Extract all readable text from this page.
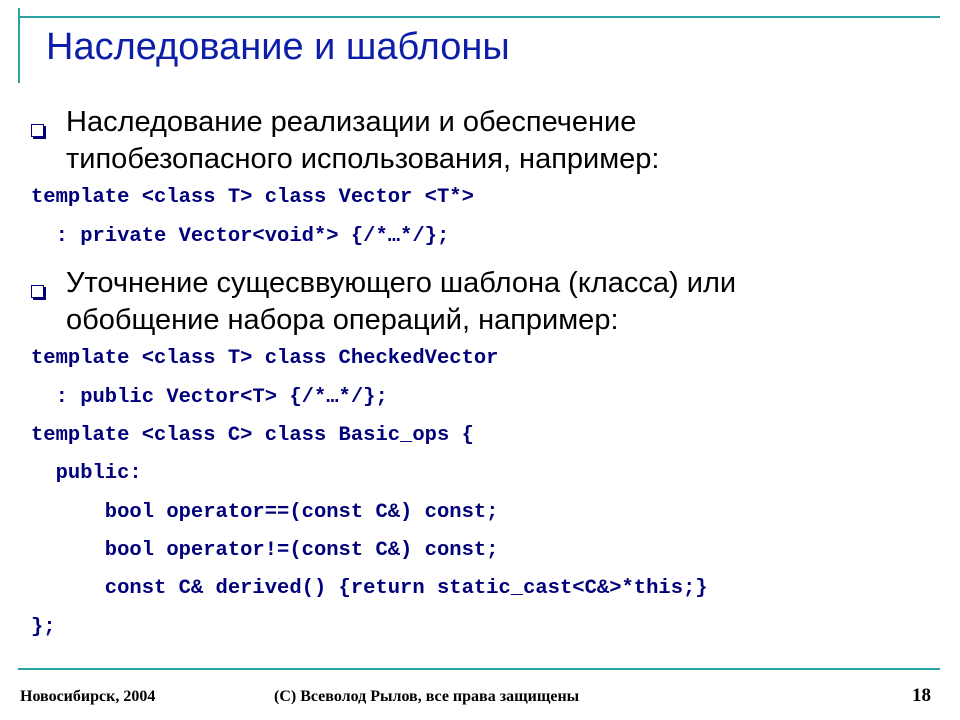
Наследование и шаблоны
Наследование реализации и обеспечение
типобезопасного использования, например:

template <class T> class Vector <T*>

: private Vector<void*> {/*…*/};

Уточнение сущесввующего шаблона (класса) или
обобщение набора операций, например:

template <class T> class CheckedVector

: public Vector<T> {/*…*/};

template <class C> class Basic_ops {

public:

bool operator==(const C&) const;

bool operator!=(const C&) const;

const C& derived() {return static_cast<C&>*this;}

};

Новосибирск, 2004	(C) Всеволод Рылов, все права защищены	18
